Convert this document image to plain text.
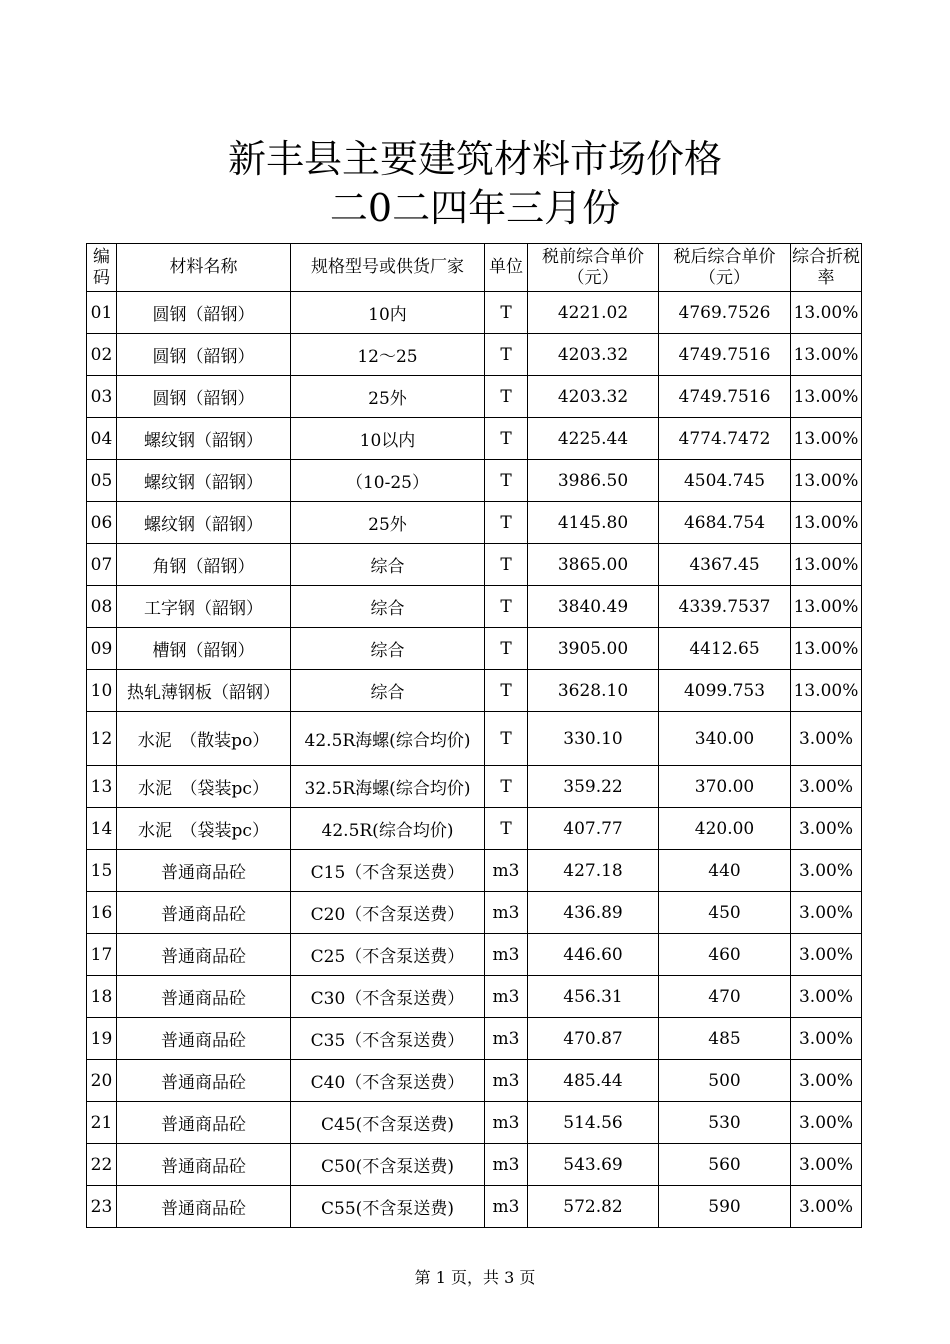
新丰县主要建筑材料市场价格
二0二四年三月份
编码	材料名称	规格型号或供货厂家	单位	税前综合单价（元）	税后综合单价（元）	综合折税率
01	圆钢（韶钢）	10内	T	4221.02	4769.7526	13.00%
02	圆钢（韶钢）	12～25	T	4203.32	4749.7516	13.00%
03	圆钢（韶钢）	25外	T	4203.32	4749.7516	13.00%
04	螺纹钢（韶钢）	10以内	T	4225.44	4774.7472	13.00%
05	螺纹钢（韶钢）	（10-25）	T	3986.50	4504.745	13.00%
06	螺纹钢（韶钢）	25外	T	4145.80	4684.754	13.00%
07	角钢（韶钢）	综合	T	3865.00	4367.45	13.00%
08	工字钢（韶钢）	综合	T	3840.49	4339.7537	13.00%
09	槽钢（韶钢）	综合	T	3905.00	4412.65	13.00%
10	热轧薄钢板（韶钢）	综合	T	3628.10	4099.753	13.00%
12	水泥　（散装po）	42.5R海螺(综合均价)	T	330.10	340.00	3.00%
13	水泥　（袋装pc）	32.5R海螺(综合均价)	T	359.22	370.00	3.00%
14	水泥　（袋装pc）	42.5R(综合均价)	T	407.77	420.00	3.00%
15	普通商品砼	C15（不含泵送费）	m3	427.18	440	3.00%
16	普通商品砼	C20（不含泵送费）	m3	436.89	450	3.00%
17	普通商品砼	C25（不含泵送费）	m3	446.60	460	3.00%
18	普通商品砼	C30（不含泵送费）	m3	456.31	470	3.00%
19	普通商品砼	C35（不含泵送费）	m3	470.87	485	3.00%
20	普通商品砼	C40（不含泵送费）	m3	485.44	500	3.00%
21	普通商品砼	C45(不含泵送费)	m3	514.56	530	3.00%
22	普通商品砼	C50(不含泵送费)	m3	543.69	560	3.00%
23	普通商品砼	C55(不含泵送费)	m3	572.82	590	3.00%
第 1 页，共 3 页
